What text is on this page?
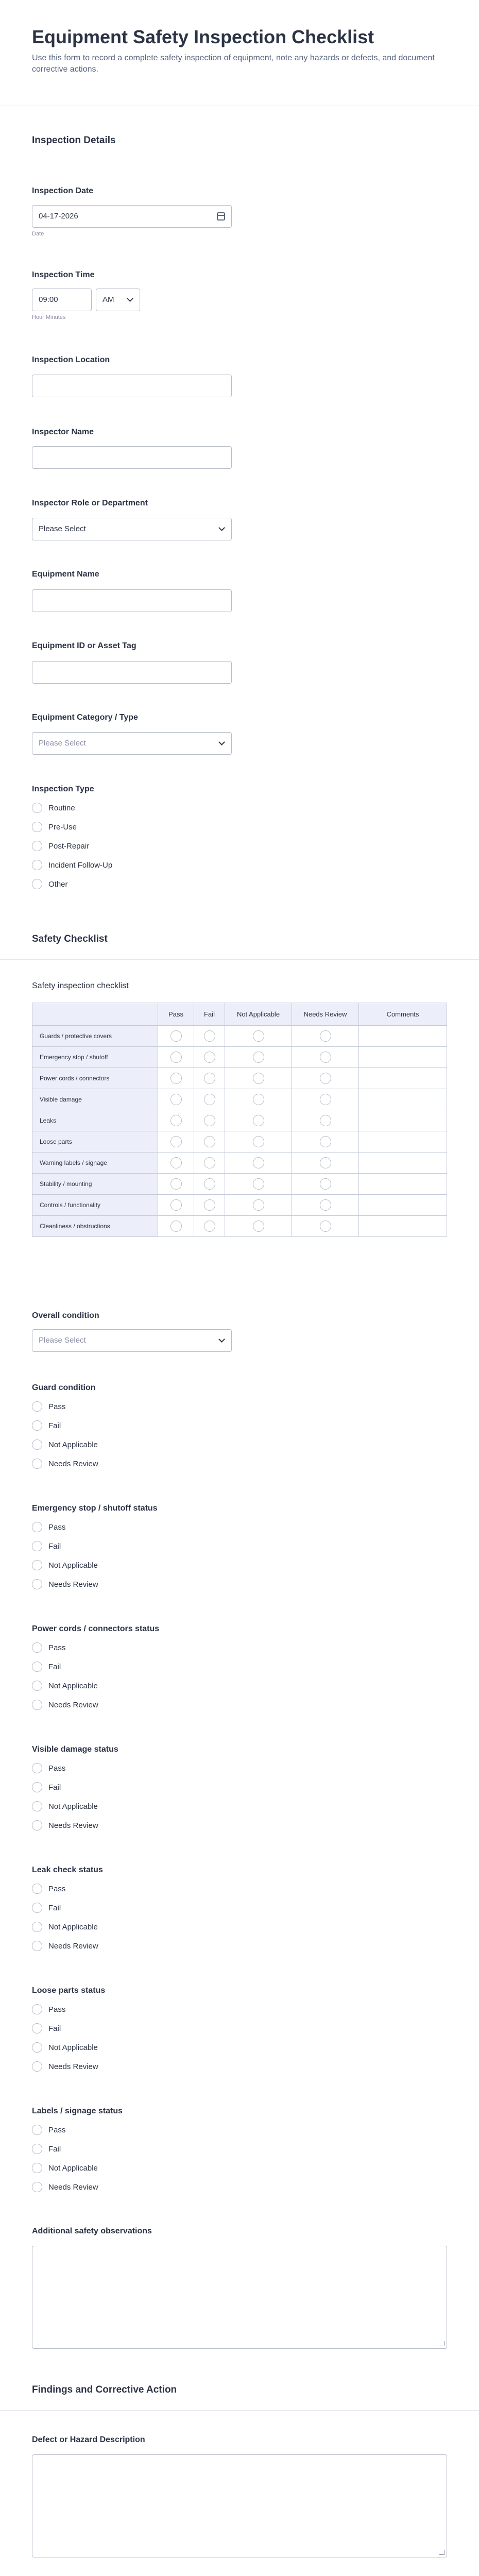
Equipment Safety Inspection Checklist

Use this form to record a complete safety inspection of equipment, note any hazards or defects, and document corrective actions.

Inspection Details
Inspection Date
04-17-2026
Date
Inspection Time
09:00	AM
Hour Minutes
Inspection Location
Inspector Name
Inspector Role or Department
Please Select
Equipment Name
Equipment ID or Asset Tag
Equipment Category / Type
Please Select
Inspection Type
Routine
Pre-Use
Post-Repair
Incident Follow-Up
Other
Safety Checklist
Safety inspection checklist
	Pass	Fail	Not Applicable	Needs Review	Comments
Guards / protective covers					
Emergency stop / shutoff					
Power cords / connectors					
Visible damage					
Leaks					
Loose parts					
Warning labels / signage					
Stability / mounting					
Controls / functionality					
Cleanliness / obstructions					
Overall condition
Please Select
Guard condition
Pass
Fail
Not Applicable
Needs Review
Emergency stop / shutoff status
Pass
Fail
Not Applicable
Needs Review
Power cords / connectors status
Pass
Fail
Not Applicable
Needs Review
Visible damage status
Pass
Fail
Not Applicable
Needs Review
Leak check status
Pass
Fail
Not Applicable
Needs Review
Loose parts status
Pass
Fail
Not Applicable
Needs Review
Labels / signage status
Pass
Fail
Not Applicable
Needs Review
Additional safety observations
Findings and Corrective Action
Defect or Hazard Description
